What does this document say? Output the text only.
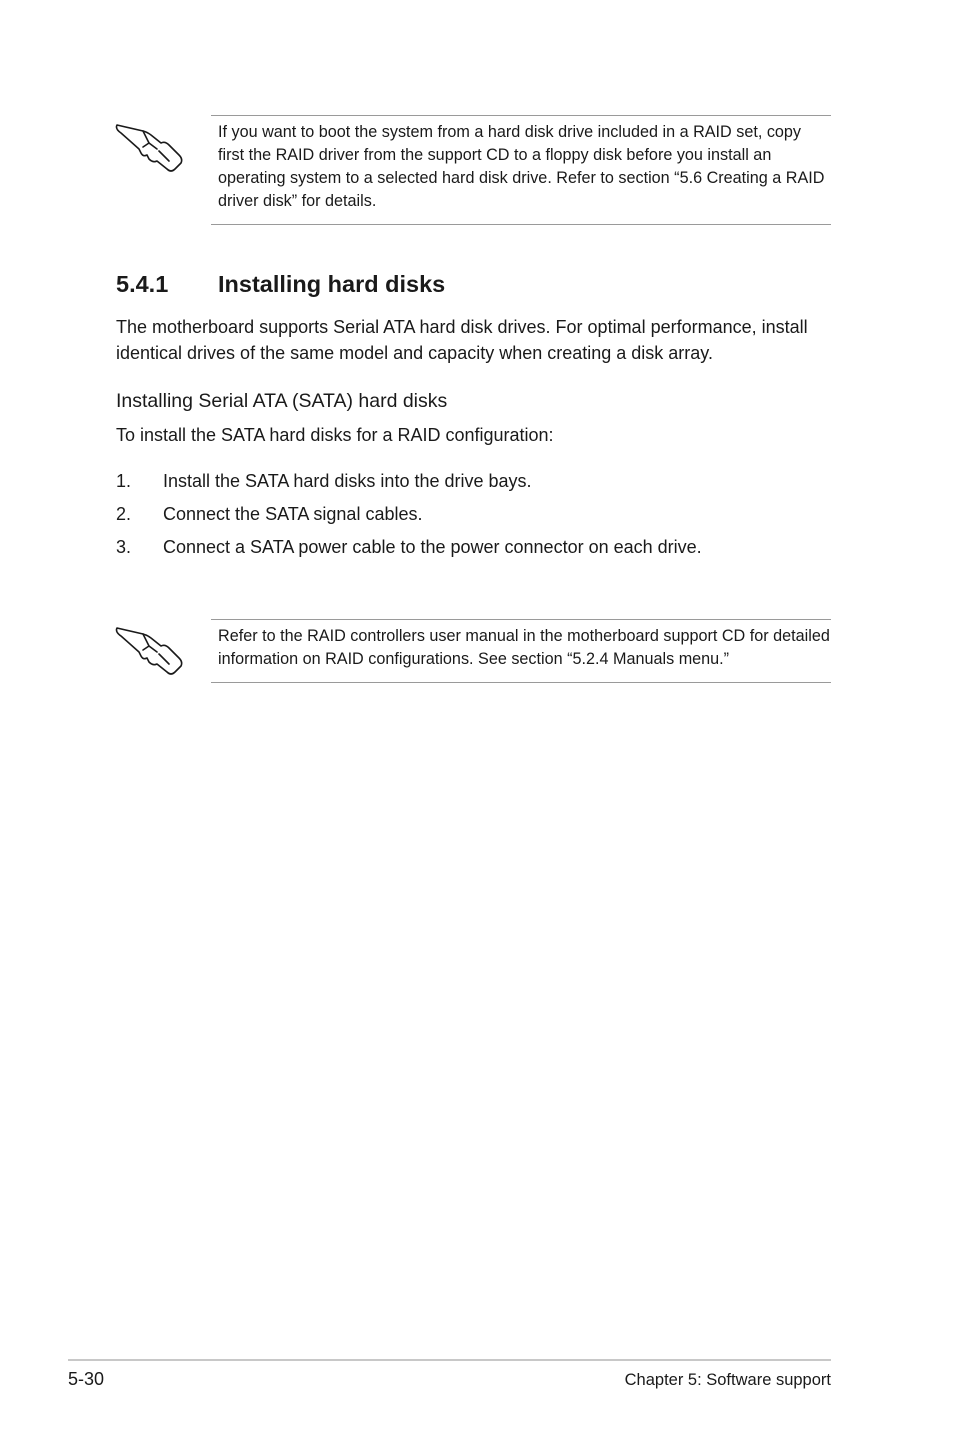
If you want to boot the system from a hard disk drive included in a RAID set, copy first the RAID driver from the support CD to a floppy disk before you install an operating system to a selected hard disk drive. Refer to section “5.6 Creating a RAID driver disk” for details.

5.4.1 Installing hard disks

The motherboard supports Serial ATA hard disk drives. For optimal performance, install identical drives of the same model and capacity when creating a disk array.

Installing Serial ATA (SATA) hard disks

To install the SATA hard disks for a RAID configuration:

1.	Install the SATA hard disks into the drive bays.
2.	Connect the SATA signal cables.
3.	Connect a SATA power cable to the power connector on each drive.

Refer to the RAID controllers user manual in the motherboard support CD for detailed information on RAID configurations. See section “5.2.4 Manuals menu.”

5-30	Chapter 5: Software support
